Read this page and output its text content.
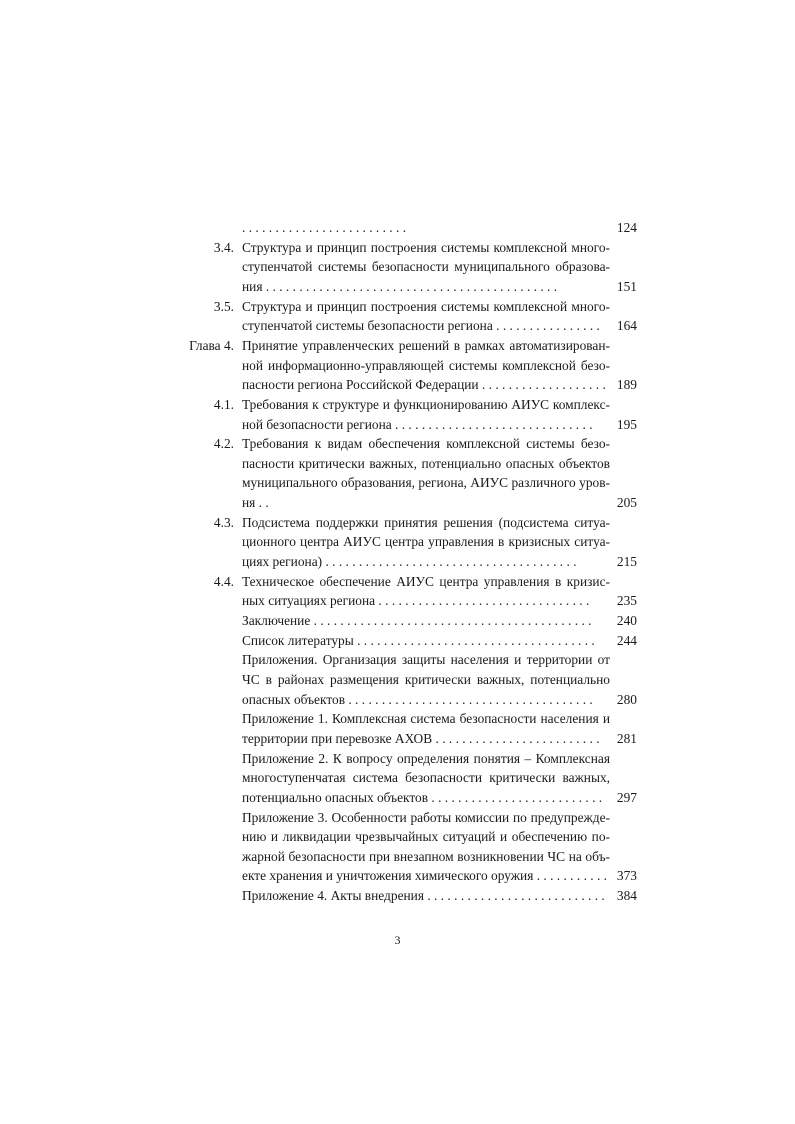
. . . . . . . . . . . . . . . . . . . . . . . . .	124
3.4. Структура и принцип построения системы комплексной много-
ступенчатой системы безопасности муниципального образова-
ния . . . . . . . . . . . . . . . . . . . . . . . . . . . . . . . . . . . . . . . . . . . .	151
3.5. Структура и принцип построения системы комплексной много-
ступенчатой системы безопасности региона . . . . . . . . . . . . . . . .	164
Глава 4. Принятие управленческих решений в рамках автоматизирован-
ной информационно-управляющей системы комплексной безо-
пасности региона Российской Федерации . . . . . . . . . . . . . . . . . . . 189
4.1. Требования к структуре и функционированию АИУС комплекс-
ной безопасности региона . . . . . . . . . . . . . . . . . . . . . . . . . . . . . .	195
4.2. Требования к видам обеспечения комплексной системы безо-
пасности критически важных, потенциально опасных объектов
муниципального образования, региона, АИУС различного уров-
ня . .	205
4.3. Подсистема поддержки принятия решения (подсистема ситуа-
ционного центра АИУС центра управления в кризисных ситуа-
циях региона) . . . . . . . . . . . . . . . . . . . . . . . . . . . . . . . . . . . . . .	215
4.4. Техническое обеспечение АИУС центра управления в кризис-
ных ситуациях региона . . . . . . . . . . . . . . . . . . . . . . . . . . . . . . . .	235
Заключение . . . . . . . . . . . . . . . . . . . . . . . . . . . . . . . . . . . . . . . . . .	240
Список литературы . . . . . . . . . . . . . . . . . . . . . . . . . . . . . . . . . . . .	244
Приложения. Организация защиты населения и территории от
ЧС в районах размещения критически важных, потенциально
опасных объектов . . . . . . . . . . . . . . . . . . . . . . . . . . . . . . . . . . . . .	280
Приложение 1. Комплексная система безопасности населения и
территории при перевозке АХОВ . . . . . . . . . . . . . . . . . . . . . . . . .	281
Приложение 2. К вопросу определения понятия – Комплексная
многоступенчатая система безопасности критически важных,
потенциально опасных объектов . . . . . . . . . . . . . . . . . . . . . . . . . .	297
Приложение 3. Особенности работы комиссии по предупрежде-
нию и ликвидации чрезвычайных ситуаций и обеспечению по-
жарной безопасности при внезапном возникновении ЧС на объ-
екте хранения и уничтожения химического оружия . . . . . . . . . . . 373
Приложение 4. Акты внедрения . . . . . . . . . . . . . . . . . . . . . . . . . . . 384
3
